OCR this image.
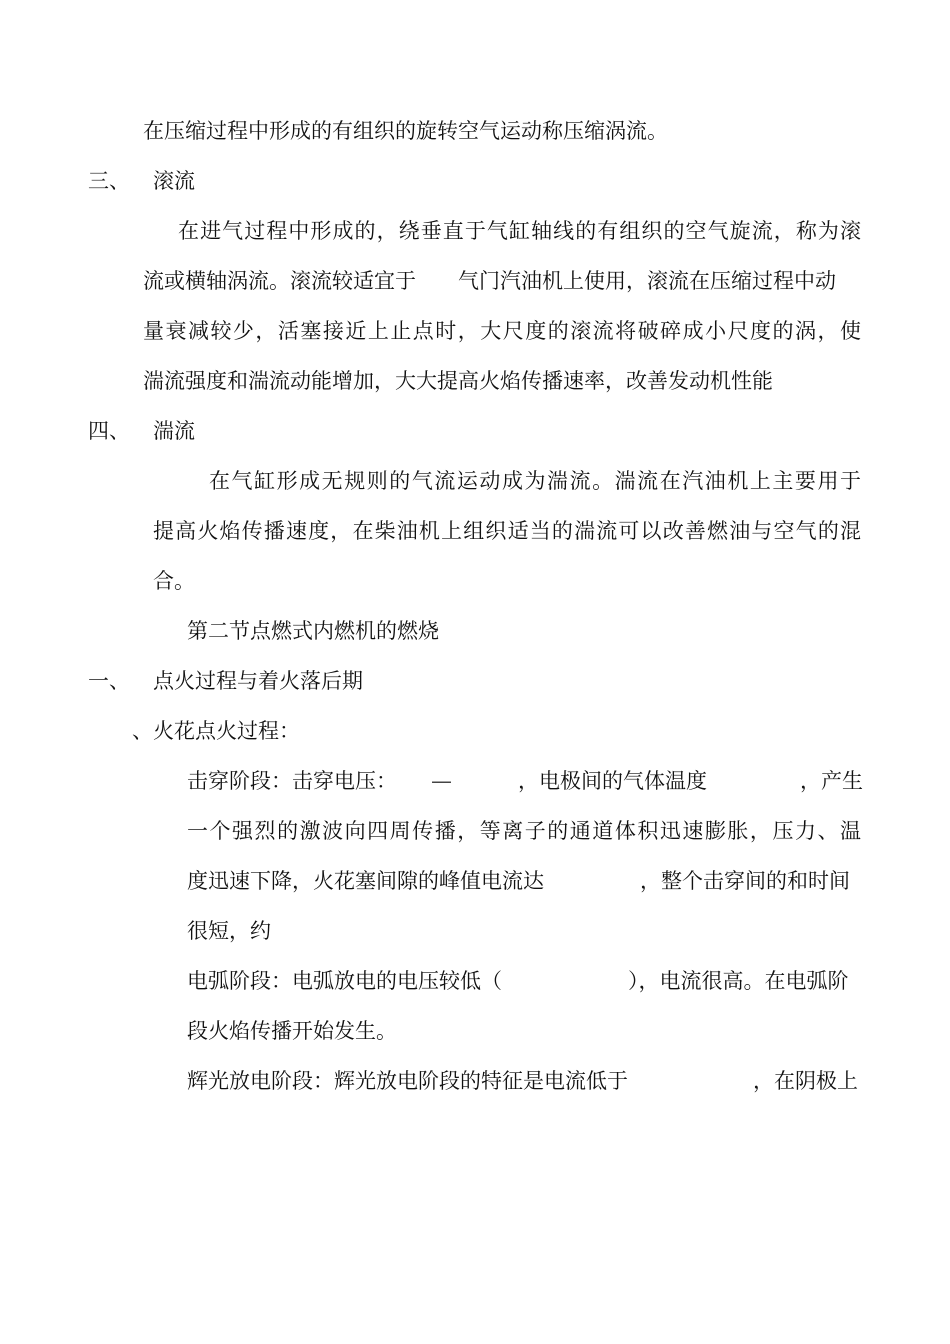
在压缩过程中形成的有组织的旋转空气运动称压缩涡流。
三、 滚流
在进气过程中形成的，绕垂直于气缸轴线的有组织的空气旋流，称为滚
流或横轴涡流。滚流较适宜于 气门汽油机上使用，滚流在压缩过程中动
量衰减较少，活塞接近上止点时，大尺度的滚流将破碎成小尺度的涡，使
湍流强度和湍流动能增加，大大提高火焰传播速率，改善发动机性能
四、 湍流
在气缸形成无规则的气流运动成为湍流。湍流在汽油机上主要用于
提高火焰传播速度，在柴油机上组织适当的湍流可以改善燃油与空气的混
合。
第二节点燃式内燃机的燃烧
一、 点火过程与着火落后期
、火花点火过程：
击穿阶段：击穿电压： —	，电极间的气体温度	，产生
一个强烈的激波向四周传播，等离子的通道体积迅速膨胀，压力、温
度迅速下降，火花塞间隙的峰值电流达	，整个击穿间的和时间
很短，约
电弧阶段：电弧放电的电压较低（	），电流很高。在电弧阶
段火焰传播开始发生。
辉光放电阶段：辉光放电阶段的特征是电流低于	，在阴极上
